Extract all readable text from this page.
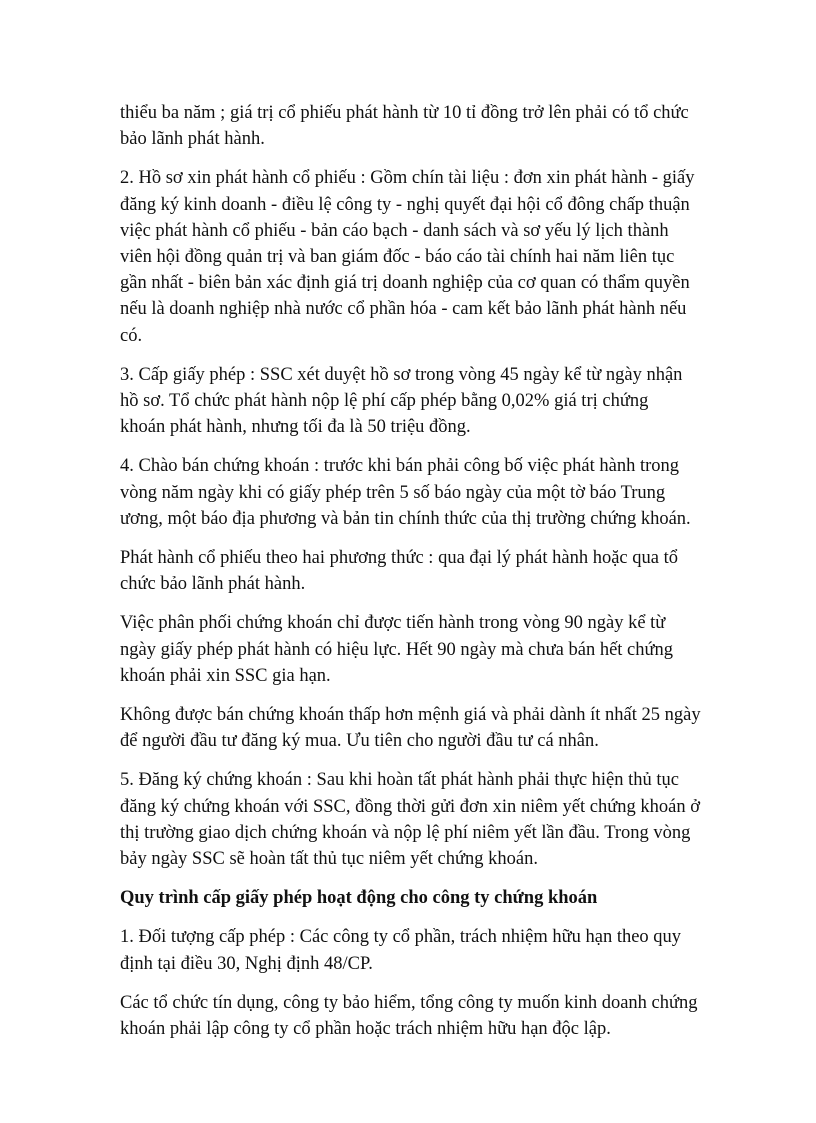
thiểu ba năm ; giá trị cổ phiếu phát hành từ 10 tỉ đồng trở lên phải có tổ chức
bảo lãnh phát hành.

2. Hồ sơ xin phát hành cổ phiếu : Gồm chín tài liệu : đơn xin phát hành - giấy
đăng ký kinh doanh - điều lệ công ty - nghị quyết đại hội cổ đông chấp thuận
việc phát hành cổ phiếu - bản cáo bạch - danh sách và sơ yếu lý lịch thành
viên hội đồng quản trị và ban giám đốc - báo cáo tài chính hai năm liên tục
gần nhất - biên bản xác định giá trị doanh nghiệp của cơ quan có thẩm quyền
nếu là doanh nghiệp nhà nước cổ phần hóa - cam kết bảo lãnh phát hành nếu
có.

3. Cấp giấy phép : SSC xét duyệt hồ sơ trong vòng 45 ngày kể từ ngày nhận
hồ sơ. Tổ chức phát hành nộp lệ phí cấp phép bằng 0,02% giá trị chứng
khoán phát hành, nhưng tối đa là 50 triệu đồng.

4. Chào bán chứng khoán : trước khi bán phải công bố việc phát hành trong
vòng năm ngày khi có giấy phép trên 5 số báo ngày của một tờ báo Trung
ương, một báo địa phương và bản tin chính thức của thị trường chứng khoán.

Phát hành cổ phiếu theo hai phương thức : qua đại lý phát hành hoặc qua tổ
chức bảo lãnh phát hành.

Việc phân phối chứng khoán chỉ được tiến hành trong vòng 90 ngày kể từ
ngày giấy phép phát hành có hiệu lực. Hết 90 ngày mà chưa bán hết chứng
khoán phải xin SSC gia hạn.

Không được bán chứng khoán thấp hơn mệnh giá và phải dành ít nhất 25 ngày
để người đầu tư đăng ký mua. Ưu tiên cho người đầu tư cá nhân.

5. Đăng ký chứng khoán : Sau khi hoàn tất phát hành phải thực hiện thủ tục
đăng ký chứng khoán với SSC, đồng thời gửi đơn xin niêm yết chứng khoán ở
thị trường giao dịch chứng khoán và nộp lệ phí niêm yết lần đầu. Trong vòng
bảy ngày SSC sẽ hoàn tất thủ tục niêm yết chứng khoán.

Quy trình cấp giấy phép hoạt động cho công ty chứng khoán

1. Đối tượng cấp phép : Các công ty cổ phần, trách nhiệm hữu hạn theo quy
định tại điều 30, Nghị định 48/CP.

Các tổ chức tín dụng, công ty bảo hiểm, tổng công ty muốn kinh doanh chứng
khoán phải lập công ty cổ phần hoặc trách nhiệm hữu hạn độc lập.
